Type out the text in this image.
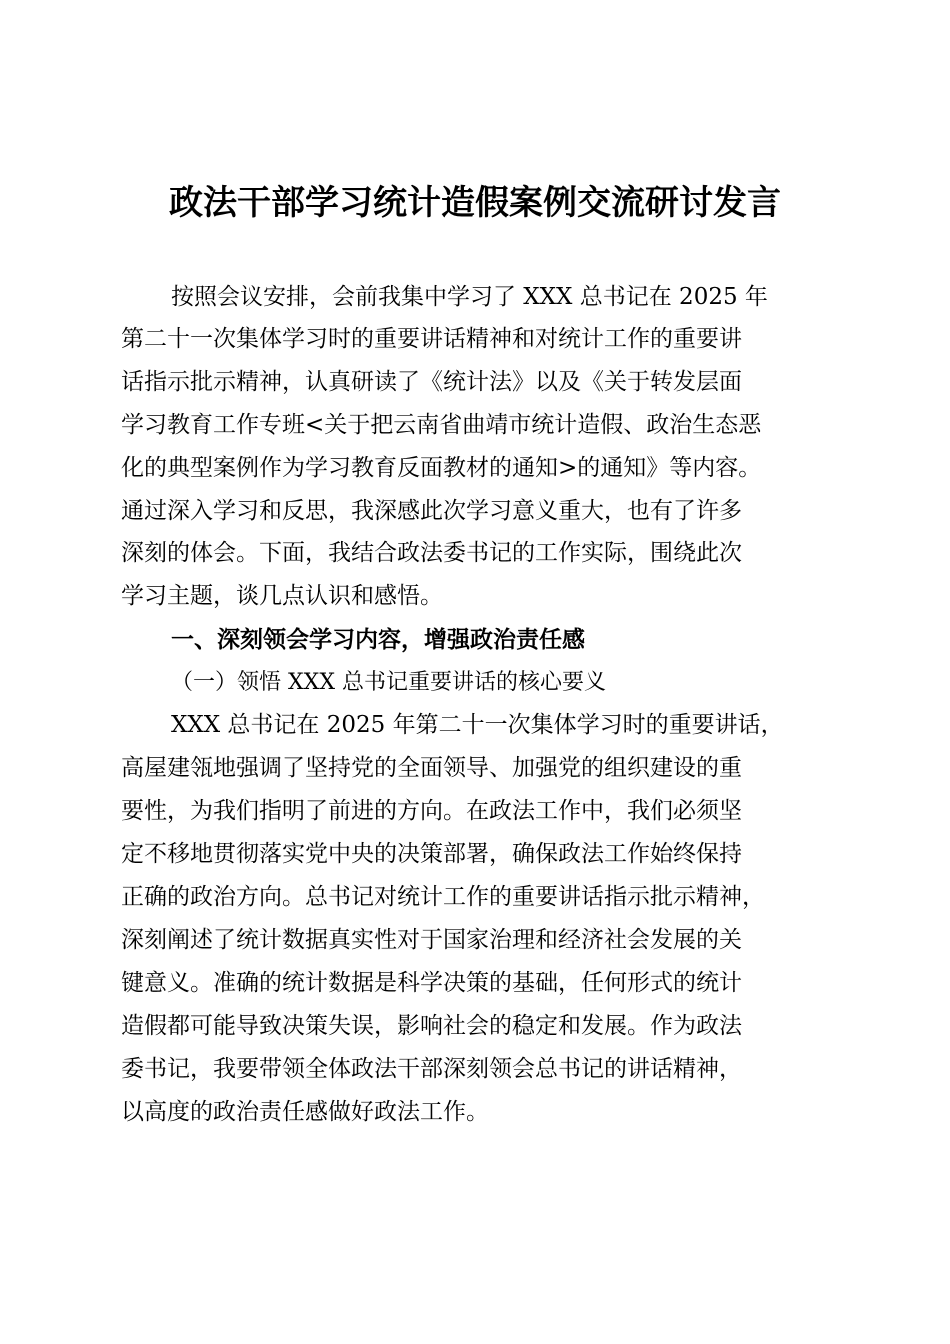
政法干部学习统计造假案例交流研讨发言
按照会议安排，会前我集中学习了 XXX 总书记在 2025 年
第二十一次集体学习时的重要讲话精神和对统计工作的重要讲
话指示批示精神，认真研读了《统计法》以及《关于转发层面
学习教育工作专班<关于把云南省曲靖市统计造假、政治生态恶
化的典型案例作为学习教育反面教材的通知>的通知》等内容。
通过深入学习和反思，我深感此次学习意义重大，也有了许多
深刻的体会。下面，我结合政法委书记的工作实际，围绕此次
学习主题，谈几点认识和感悟。
一、深刻领会学习内容，增强政治责任感
（一）领悟 XXX 总书记重要讲话的核心要义
XXX 总书记在 2025 年第二十一次集体学习时的重要讲话，
高屋建瓴地强调了坚持党的全面领导、加强党的组织建设的重
要性，为我们指明了前进的方向。在政法工作中，我们必须坚
定不移地贯彻落实党中央的决策部署，确保政法工作始终保持
正确的政治方向。总书记对统计工作的重要讲话指示批示精神，
深刻阐述了统计数据真实性对于国家治理和经济社会发展的关
键意义。准确的统计数据是科学决策的基础，任何形式的统计
造假都可能导致决策失误，影响社会的稳定和发展。作为政法
委书记，我要带领全体政法干部深刻领会总书记的讲话精神，
以高度的政治责任感做好政法工作。
